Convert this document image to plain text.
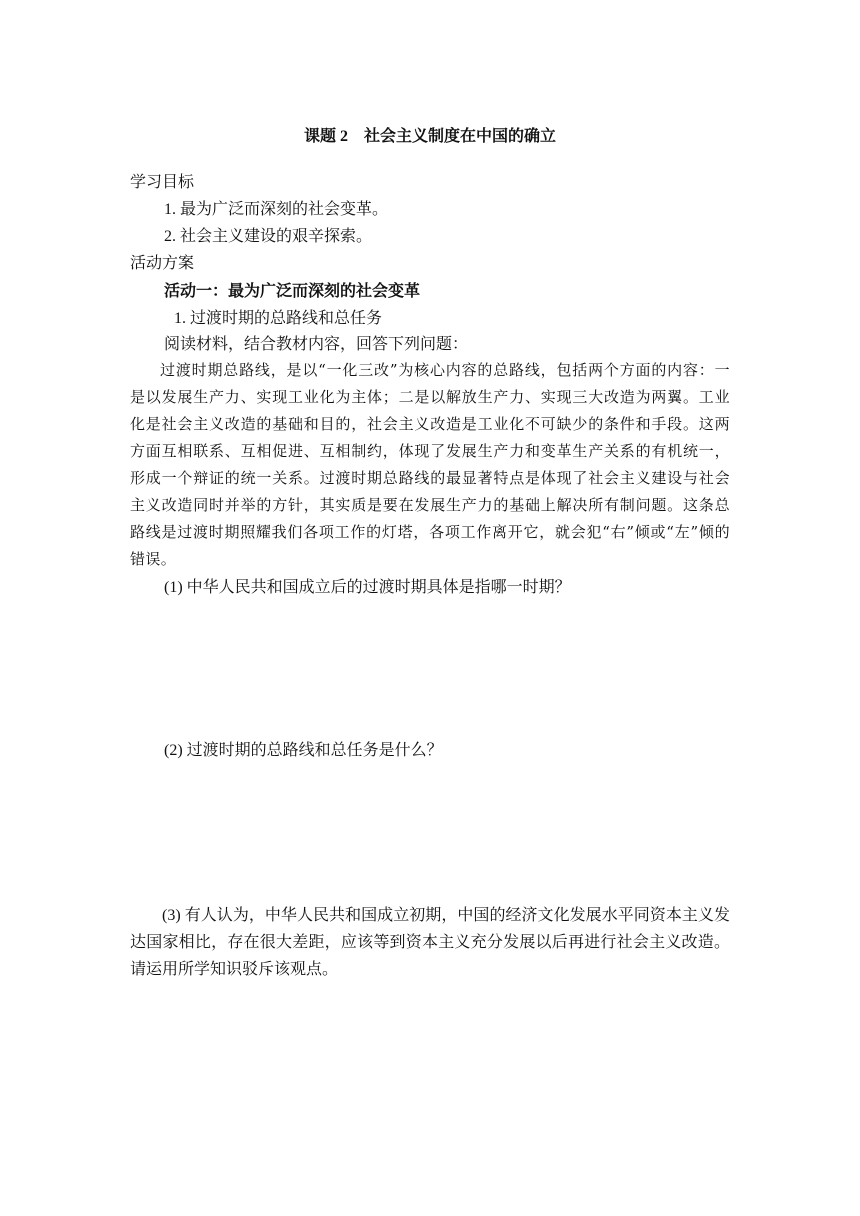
课题 2　社会主义制度在中国的确立
学习目标
1. 最为广泛而深刻的社会变革。
2. 社会主义建设的艰辛探索。
活动方案
活动一：最为广泛而深刻的社会变革
1. 过渡时期的总路线和总任务
阅读材料，结合教材内容，回答下列问题：
过渡时期总路线，是以“一化三改”为核心内容的总路线，包括两个方面的内容：一是以发展生产力、实现工业化为主体；二是以解放生产力、实现三大改造为两翼。工业化是社会主义改造的基础和目的，社会主义改造是工业化不可缺少的条件和手段。这两方面互相联系、互相促进、互相制约，体现了发展生产力和变革生产关系的有机统一，形成一个辩证的统一关系。过渡时期总路线的最显著特点是体现了社会主义建设与社会主义改造同时并举的方针，其实质是要在发展生产力的基础上解决所有制问题。这条总路线是过渡时期照耀我们各项工作的灯塔，各项工作离开它，就会犯“右”倾或“左”倾的错误。
(1) 中华人民共和国成立后的过渡时期具体是指哪一时期？
(2) 过渡时期的总路线和总任务是什么？
(3) 有人认为，中华人民共和国成立初期，中国的经济文化发展水平同资本主义发达国家相比，存在很大差距，应该等到资本主义充分发展以后再进行社会主义改造。请运用所学知识驳斥该观点。
